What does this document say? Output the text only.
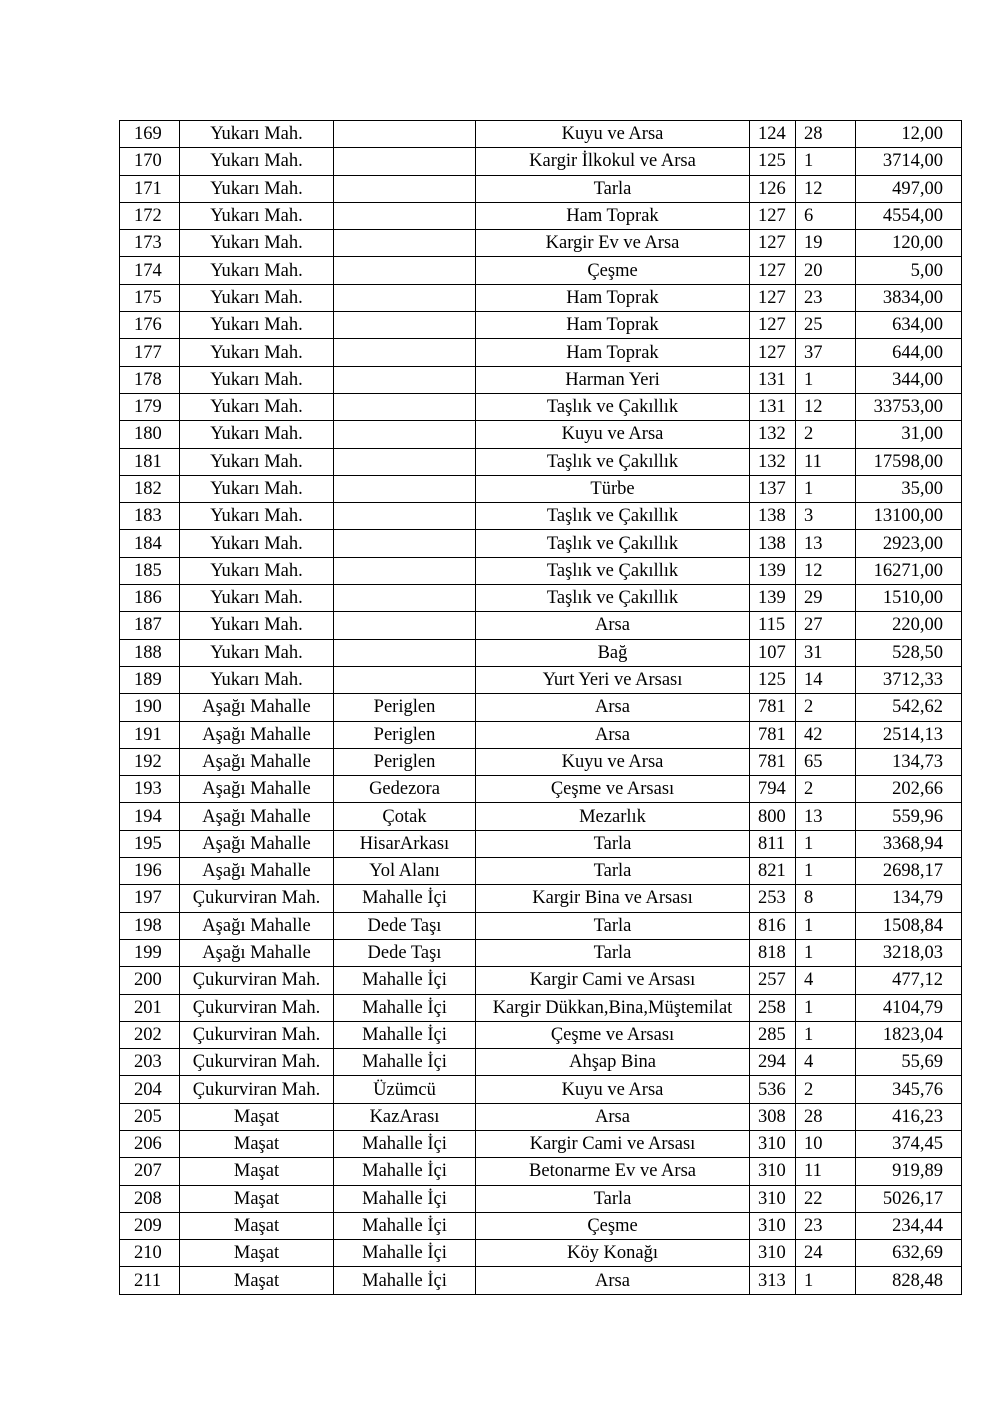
169	Yukarı Mah.		Kuyu ve Arsa	124	28	12,00
170	Yukarı Mah.		Kargir İlkokul ve Arsa	125	1	3714,00
171	Yukarı Mah.		Tarla	126	12	497,00
172	Yukarı Mah.		Ham Toprak	127	6	4554,00
173	Yukarı Mah.		Kargir Ev ve Arsa	127	19	120,00
174	Yukarı Mah.		Çeşme	127	20	5,00
175	Yukarı Mah.		Ham Toprak	127	23	3834,00
176	Yukarı Mah.		Ham Toprak	127	25	634,00
177	Yukarı Mah.		Ham Toprak	127	37	644,00
178	Yukarı Mah.		Harman Yeri	131	1	344,00
179	Yukarı Mah.		Taşlık ve Çakıllık	131	12	33753,00
180	Yukarı Mah.		Kuyu ve Arsa	132	2	31,00
181	Yukarı Mah.		Taşlık ve Çakıllık	132	11	17598,00
182	Yukarı Mah.		Türbe	137	1	35,00
183	Yukarı Mah.		Taşlık ve Çakıllık	138	3	13100,00
184	Yukarı Mah.		Taşlık ve Çakıllık	138	13	2923,00
185	Yukarı Mah.		Taşlık ve Çakıllık	139	12	16271,00
186	Yukarı Mah.		Taşlık ve Çakıllık	139	29	1510,00
187	Yukarı Mah.		Arsa	115	27	220,00
188	Yukarı Mah.		Bağ	107	31	528,50
189	Yukarı Mah.		Yurt Yeri ve Arsası	125	14	3712,33
190	Aşağı Mahalle	Periglen	Arsa	781	2	542,62
191	Aşağı Mahalle	Periglen	Arsa	781	42	2514,13
192	Aşağı Mahalle	Periglen	Kuyu ve Arsa	781	65	134,73
193	Aşağı Mahalle	Gedezora	Çeşme ve Arsası	794	2	202,66
194	Aşağı Mahalle	Çotak	Mezarlık	800	13	559,96
195	Aşağı Mahalle	HisarArkası	Tarla	811	1	3368,94
196	Aşağı Mahalle	Yol Alanı	Tarla	821	1	2698,17
197	Çukurviran Mah.	Mahalle İçi	Kargir Bina ve Arsası	253	8	134,79
198	Aşağı Mahalle	Dede Taşı	Tarla	816	1	1508,84
199	Aşağı Mahalle	Dede Taşı	Tarla	818	1	3218,03
200	Çukurviran Mah.	Mahalle İçi	Kargir Cami ve Arsası	257	4	477,12
201	Çukurviran Mah.	Mahalle İçi	Kargir Dükkan,Bina,Müştemilat	258	1	4104,79
202	Çukurviran Mah.	Mahalle İçi	Çeşme ve Arsası	285	1	1823,04
203	Çukurviran Mah.	Mahalle İçi	Ahşap Bina	294	4	55,69
204	Çukurviran Mah.	Üzümcü	Kuyu ve Arsa	536	2	345,76
205	Maşat	KazArası	Arsa	308	28	416,23
206	Maşat	Mahalle İçi	Kargir Cami ve Arsası	310	10	374,45
207	Maşat	Mahalle İçi	Betonarme Ev ve Arsa	310	11	919,89
208	Maşat	Mahalle İçi	Tarla	310	22	5026,17
209	Maşat	Mahalle İçi	Çeşme	310	23	234,44
210	Maşat	Mahalle İçi	Köy Konağı	310	24	632,69
211	Maşat	Mahalle İçi	Arsa	313	1	828,48
